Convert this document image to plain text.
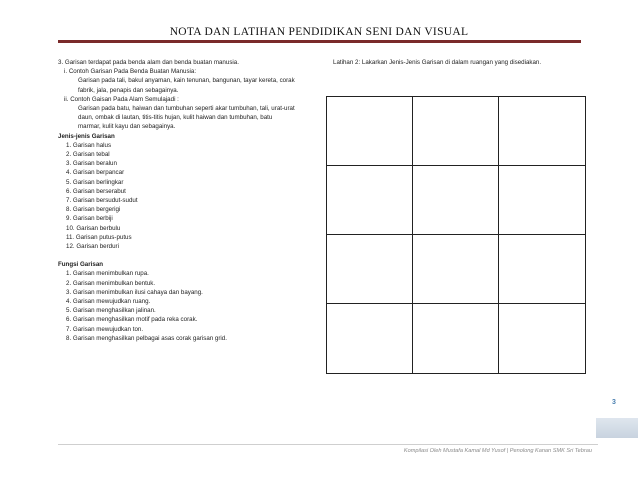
NOTA DAN LATIHAN PENDIDIKAN SENI DAN VISUAL
3. Garisan terdapat pada benda alam dan benda buatan manusia.
i. Contoh Garisan Pada Benda Buatan Manusia:
Garisan pada tali, bakul anyaman, kain tenunan, bangunan, tayar kereta, corak
fabrik, jala, penapis dan sebagainya.
ii. Contoh Gaisan Pada Alam Semulajadi :
Garisan pada batu, haiwan dan tumbuhan seperti akar tumbuhan, tali, urat-urat
daun, ombak di lautan, titis-titis hujan, kulit haiwan dan tumbuhan, batu
marmar, kulit kayu dan sebagainya.
Jenis-jenis Garisan
1. Garisan halus
2. Garisan tebal
3. Garisan beralun
4. Garisan berpancar
5. Garisan berlingkar
6. Garisan berserabut
7. Garisan bersudut-sudut
8. Garisan bergerigi
9. Garisan berbiji
10. Garisan berbulu
11. Garisan putus-putus
12. Garisan berduri
Fungsi Garisan
1. Garisan menimbulkan rupa.
2. Garisan menimbulkan bentuk.
3. Garisan menimbulkan ilusi cahaya dan bayang.
4. Garisan mewujudkan ruang.
5. Garisan menghasilkan jalinan.
6. Garisan menghasilkan motif pada reka corak.
7. Garisan mewujudkan ton.
8. Garisan menghasilkan pelbagai asas corak garisan grid.
Latihan 2: Lakarkan Jenis-Jenis Garisan di dalam ruangan yang disediakan.
3
Kompilasi Oleh Mustafa Kamal Md Yusof | Penolong Kanan SMK Sri Tebrau
